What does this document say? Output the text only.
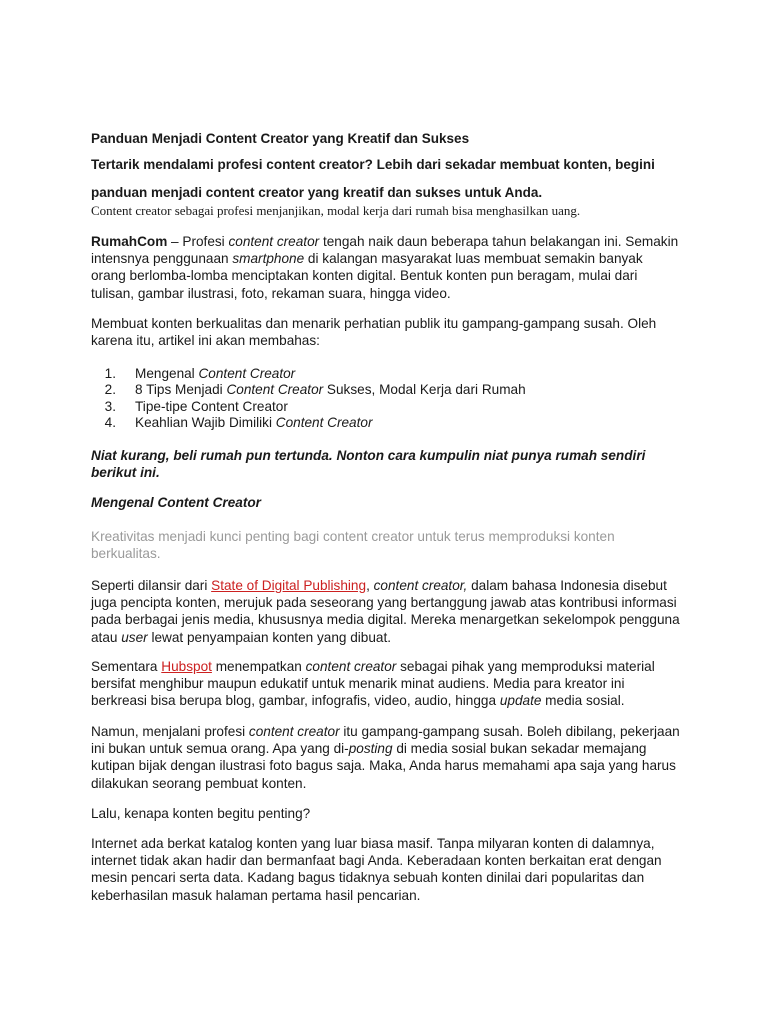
Panduan Menjadi Content Creator yang Kreatif dan Sukses
Tertarik mendalami profesi content creator? Lebih dari sekadar membuat konten, begini
panduan menjadi content creator yang kreatif dan sukses untuk Anda.
Content creator sebagai profesi menjanjikan, modal kerja dari rumah bisa menghasilkan uang.

RumahCom – Profesi content creator tengah naik daun beberapa tahun belakangan ini. Semakin intensnya penggunaan smartphone di kalangan masyarakat luas membuat semakin banyak orang berlomba-lomba menciptakan konten digital. Bentuk konten pun beragam, mulai dari tulisan, gambar ilustrasi, foto, rekaman suara, hingga video.

Membuat konten berkualitas dan menarik perhatian publik itu gampang-gampang susah. Oleh karena itu, artikel ini akan membahas:

1. Mengenal Content Creator
2. 8 Tips Menjadi Content Creator Sukses, Modal Kerja dari Rumah
3. Tipe-tipe Content Creator
4. Keahlian Wajib Dimiliki Content Creator

Niat kurang, beli rumah pun tertunda. Nonton cara kumpulin niat punya rumah sendiri berikut ini.

Mengenal Content Creator

Kreativitas menjadi kunci penting bagi content creator untuk terus memproduksi konten berkualitas.

Seperti dilansir dari State of Digital Publishing, content creator, dalam bahasa Indonesia disebut juga pencipta konten, merujuk pada seseorang yang bertanggung jawab atas kontribusi informasi pada berbagai jenis media, khususnya media digital. Mereka menargetkan sekelompok pengguna atau user lewat penyampaian konten yang dibuat.

Sementara Hubspot menempatkan content creator sebagai pihak yang memproduksi material bersifat menghibur maupun edukatif untuk menarik minat audiens. Media para kreator ini berkreasi bisa berupa blog, gambar, infografis, video, audio, hingga update media sosial.

Namun, menjalani profesi content creator itu gampang-gampang susah. Boleh dibilang, pekerjaan ini bukan untuk semua orang. Apa yang di-posting di media sosial bukan sekadar memajang kutipan bijak dengan ilustrasi foto bagus saja. Maka, Anda harus memahami apa saja yang harus dilakukan seorang pembuat konten.

Lalu, kenapa konten begitu penting?

Internet ada berkat katalog konten yang luar biasa masif. Tanpa milyaran konten di dalamnya, internet tidak akan hadir dan bermanfaat bagi Anda. Keberadaan konten berkaitan erat dengan mesin pencari serta data. Kadang bagus tidaknya sebuah konten dinilai dari popularitas dan keberhasilan masuk halaman pertama hasil pencarian.
